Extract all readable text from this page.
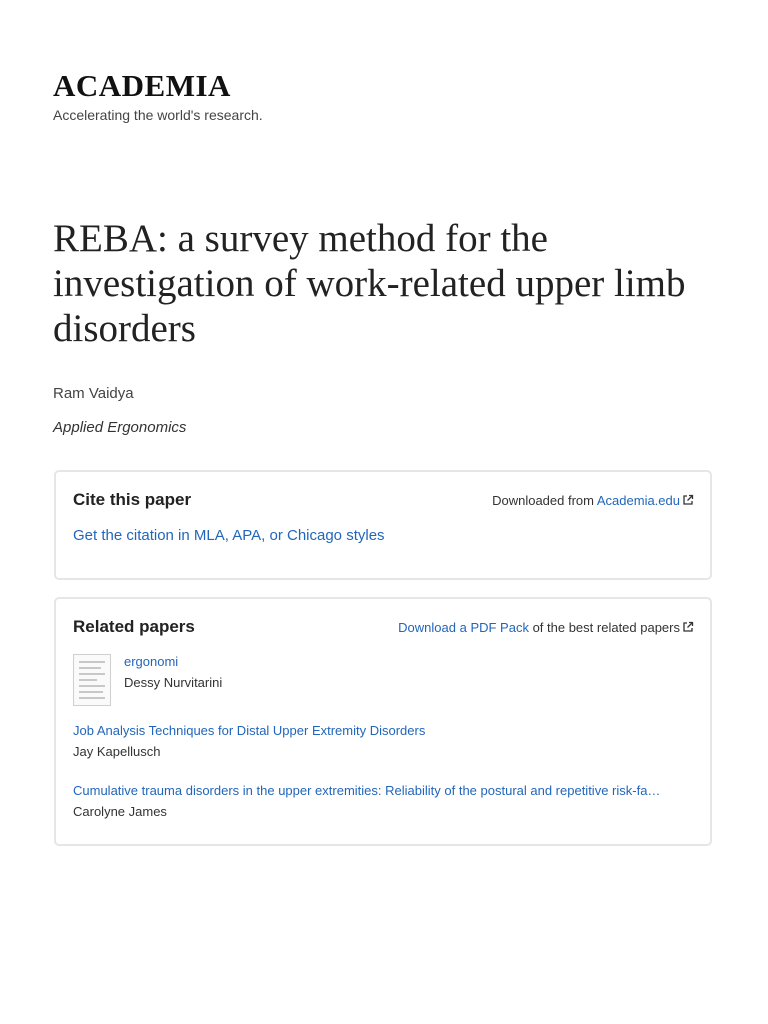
ACADEMIA
Accelerating the world's research.
REBA: a survey method for the investigation of work-related upper limb disorders
Ram Vaidya
Applied Ergonomics
Cite this paper	Downloaded from Academia.edu
Get the citation in MLA, APA, or Chicago styles
Related papers	Download a PDF Pack of the best related papers
ergonomi
Dessy Nurvitarini
Job Analysis Techniques for Distal Upper Extremity Disorders
Jay Kapellusch
Cumulative trauma disorders in the upper extremities: Reliability of the postural and repetitive risk-fa…
Carolyne James
